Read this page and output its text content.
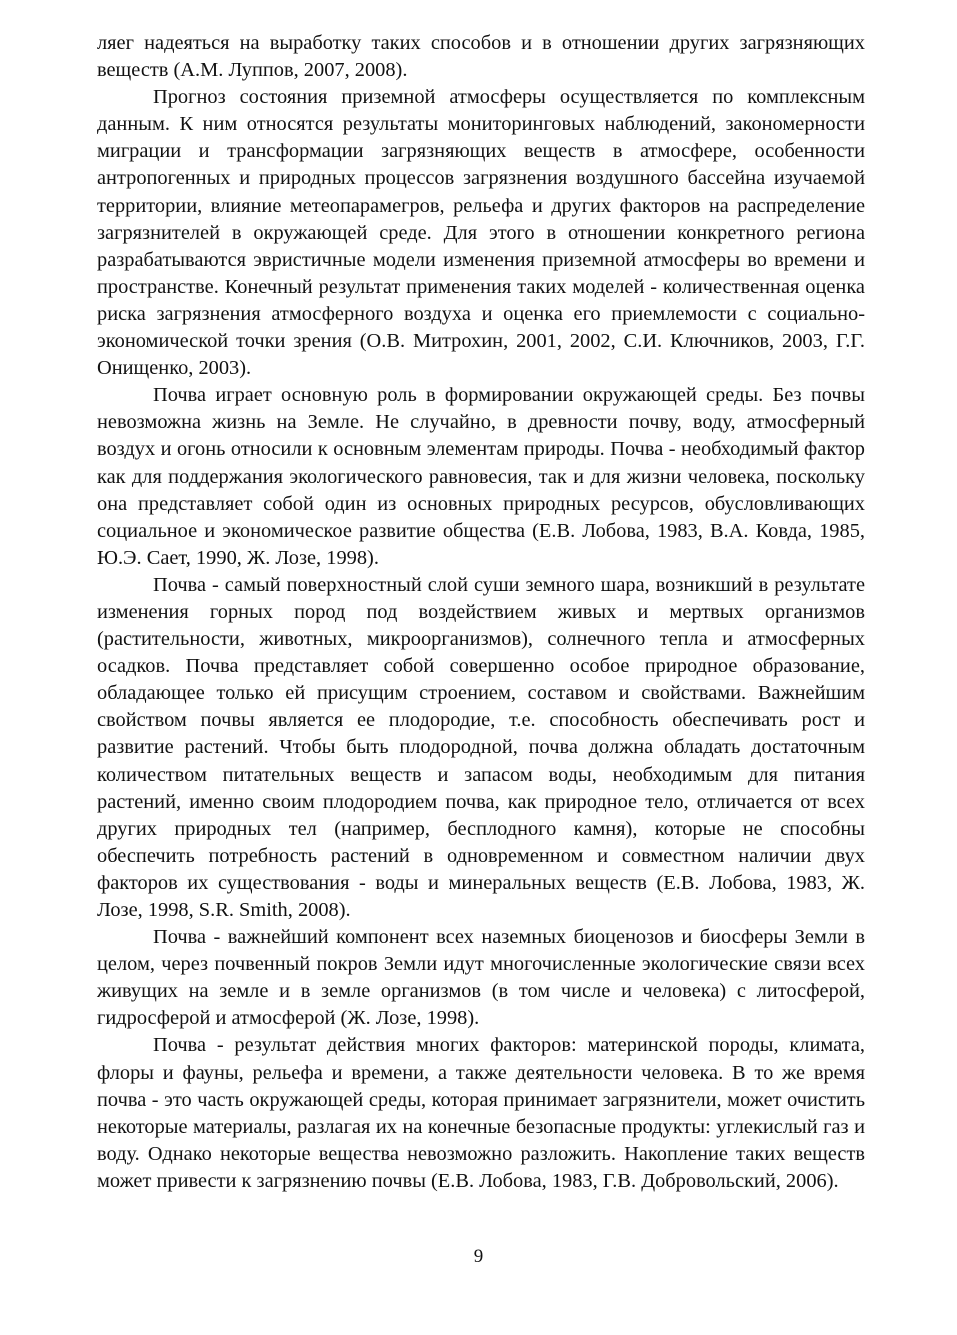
ляег надеяться на выработку таких способов и в отношении других загрязняющих веществ (А.М. Луппов, 2007, 2008).

Прогноз состояния приземной атмосферы осуществляется по комплексным данным. К ним относятся результаты мониторинговых наблюдений, закономерности миграции и трансформации загрязняющих веществ в атмосфере, особенности антропогенных и природных процессов загрязнения воздушного бассейна изучаемой территории, влияние метеопарамегров, рельефа и других факторов на распределение загрязнителей в окружающей среде. Для этого в отношении конкретного региона разрабатываются эвристичные модели изменения приземной атмосферы во времени и пространстве. Конечный результат применения таких моделей - количественная оценка риска загрязнения атмосферного воздуха и оценка его приемлемости с социально-экономической точки зрения (О.В. Митрохин, 2001, 2002, С.И. Ключников, 2003, Г.Г. Онищенко, 2003).

Почва играет основную роль в формировании окружающей среды. Без почвы невозможна жизнь на Земле. Не случайно, в древности почву, воду, атмосферный воздух и огонь относили к основным элементам природы. Почва - необходимый фактор как для поддержания экологического равновесия, так и для жизни человека, поскольку она представляет собой один из основных природных ресурсов, обусловливающих социальное и экономическое развитие общества (Е.В. Лобова, 1983, В.А. Ковда, 1985, Ю.Э. Сает, 1990, Ж. Лозе, 1998).

Почва - самый поверхностный слой суши земного шара, возникший в результате изменения горных пород под воздействием живых и мертвых организмов (растительности, животных, микроорганизмов), солнечного тепла и атмосферных осадков. Почва представляет собой совершенно особое природное образование, обладающее только ей присущим строением, составом и свойствами. Важнейшим свойством почвы является ее плодородие, т.е. способность обеспечивать рост и развитие растений. Чтобы быть плодородной, почва должна обладать достаточным количеством питательных веществ и запасом воды, необходимым для питания растений, именно своим плодородием почва, как природное тело, отличается от всех других природных тел (например, бесплодного камня), которые не способны обеспечить потребность растений в одновременном и совместном наличии двух факторов их существования - воды и минеральных веществ (Е.В. Лобова, 1983, Ж. Лозе, 1998, S.R. Smith, 2008).

Почва - важнейший компонент всех наземных биоценозов и биосферы Земли в целом, через почвенный покров Земли идут многочисленные экологические связи всех живущих на земле и в земле организмов (в том числе и человека) с литосферой, гидросферой и атмосферой (Ж. Лозе, 1998).

Почва - результат действия многих факторов: материнской породы, климата, флоры и фауны, рельефа и времени, а также деятельности человека. В то же время почва - это часть окружающей среды, которая принимает загрязнители, может очистить некоторые материалы, разлагая их на конечные безопасные продукты: углекислый газ и воду. Однако некоторые вещества невозможно разложить. Накопление таких веществ может привести к загрязнению почвы (Е.В. Лобова, 1983, Г.В. Добровольский, 2006).

9
